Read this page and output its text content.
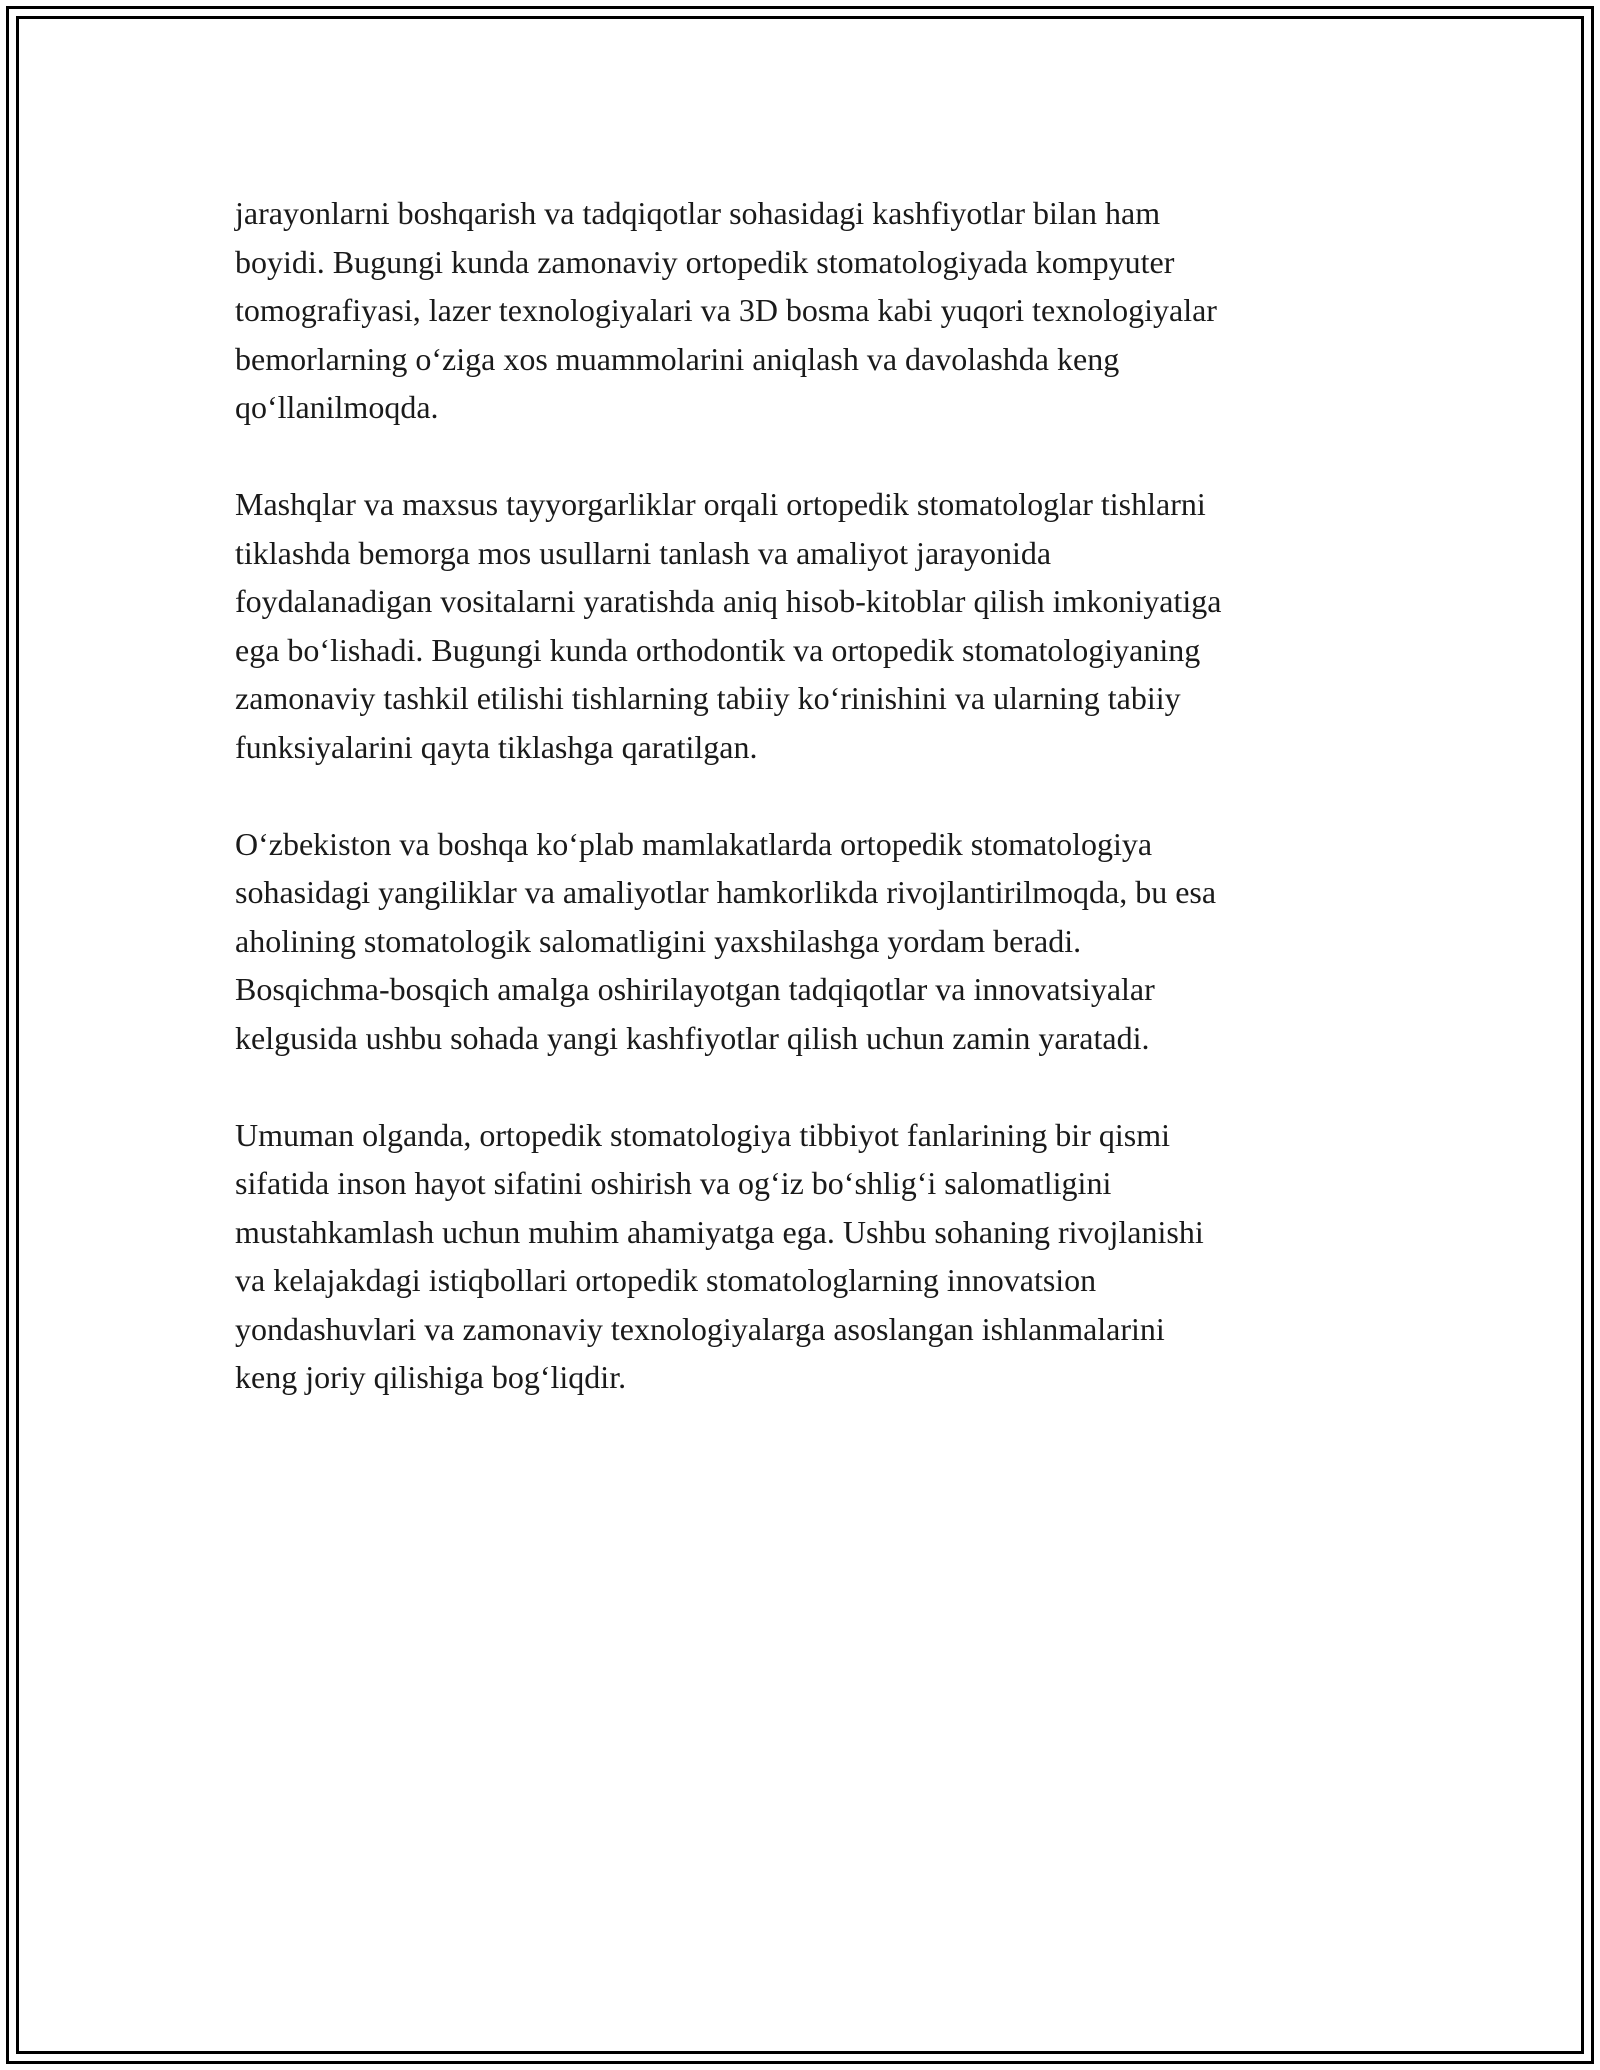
jarayonlarni boshqarish va tadqiqotlar sohasidagi kashfiyotlar bilan ham
boyidi. Bugungi kunda zamonaviy ortopedik stomatologiyada kompyuter
tomografiyasi, lazer texnologiyalari va 3D bosma kabi yuqori texnologiyalar
bemorlarning o‘ziga xos muammolarini aniqlash va davolashda keng
qo‘llanilmoqda.

Mashqlar va maxsus tayyorgarliklar orqali ortopedik stomatologlar tishlarni
tiklashda bemorga mos usullarni tanlash va amaliyot jarayonida
foydalanadigan vositalarni yaratishda aniq hisob-kitoblar qilish imkoniyatiga
ega bo‘lishadi. Bugungi kunda orthodontik va ortopedik stomatologiyaning
zamonaviy tashkil etilishi tishlarning tabiiy ko‘rinishini va ularning tabiiy
funksiyalarini qayta tiklashga qaratilgan.

O‘zbekiston va boshqa ko‘plab mamlakatlarda ortopedik stomatologiya
sohasidagi yangiliklar va amaliyotlar hamkorlikda rivojlantirilmoqda, bu esa
aholining stomatologik salomatligini yaxshilashga yordam beradi.
Bosqichma-bosqich amalga oshirilayotgan tadqiqotlar va innovatsiyalar
kelgusida ushbu sohada yangi kashfiyotlar qilish uchun zamin yaratadi.

Umuman olganda, ortopedik stomatologiya tibbiyot fanlarining bir qismi
sifatida inson hayot sifatini oshirish va og‘iz bo‘shlig‘i salomatligini
mustahkamlash uchun muhim ahamiyatga ega. Ushbu sohaning rivojlanishi
va kelajakdagi istiqbollari ortopedik stomatologlarning innovatsion
yondashuvlari va zamonaviy texnologiyalarga asoslangan ishlanmalarini
keng joriy qilishiga bog‘liqdir.
